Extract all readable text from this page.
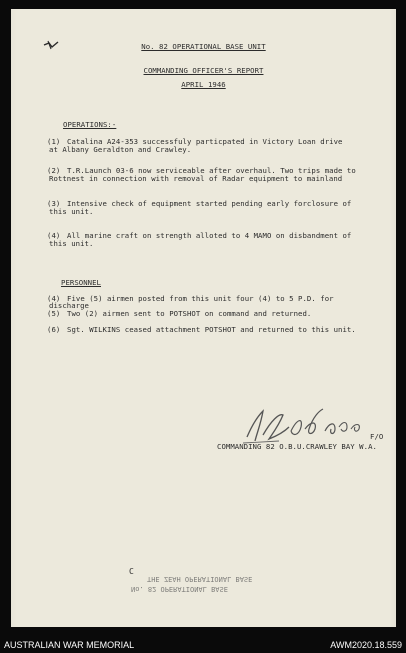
No. 82 OPERATIONAL BASE UNIT
COMMANDING OFFICER'S REPORT
APRIL 1946
OPERATIONS:-
(1) Catalina A24-353 successfuly particpated in Victory Loan drive
at Albany Geraldton and Crawley.
(2) T.R.Launch 03-6 now serviceable after overhaul. Two trips made to
Rottnest in connection with removal of Radar equipment to mainland
(3) Intensive check of equipment started pending early forclosure of
this unit.
(4) All marine craft on strength alloted to 4 MAMO on disbandment of
this unit.
PERSONNEL
(4) Five (5) airmen posted from this unit four (4) to 5 P.D. for
discharge
(5) Two (2) airmen sent to POTSHOT on command and returned.
(6) Sgt. WILKINS ceased attachment POTSHOT and returned to this unit.
F/O
COMMANDING 82 O.B.U.CRAWLEY BAY W.A.
C
THE ZEAH OPERATIONAL BASE
No. 82 OPERATIONAL BASE
AUSTRALIAN WAR MEMORIAL	AWM2020.18.559
